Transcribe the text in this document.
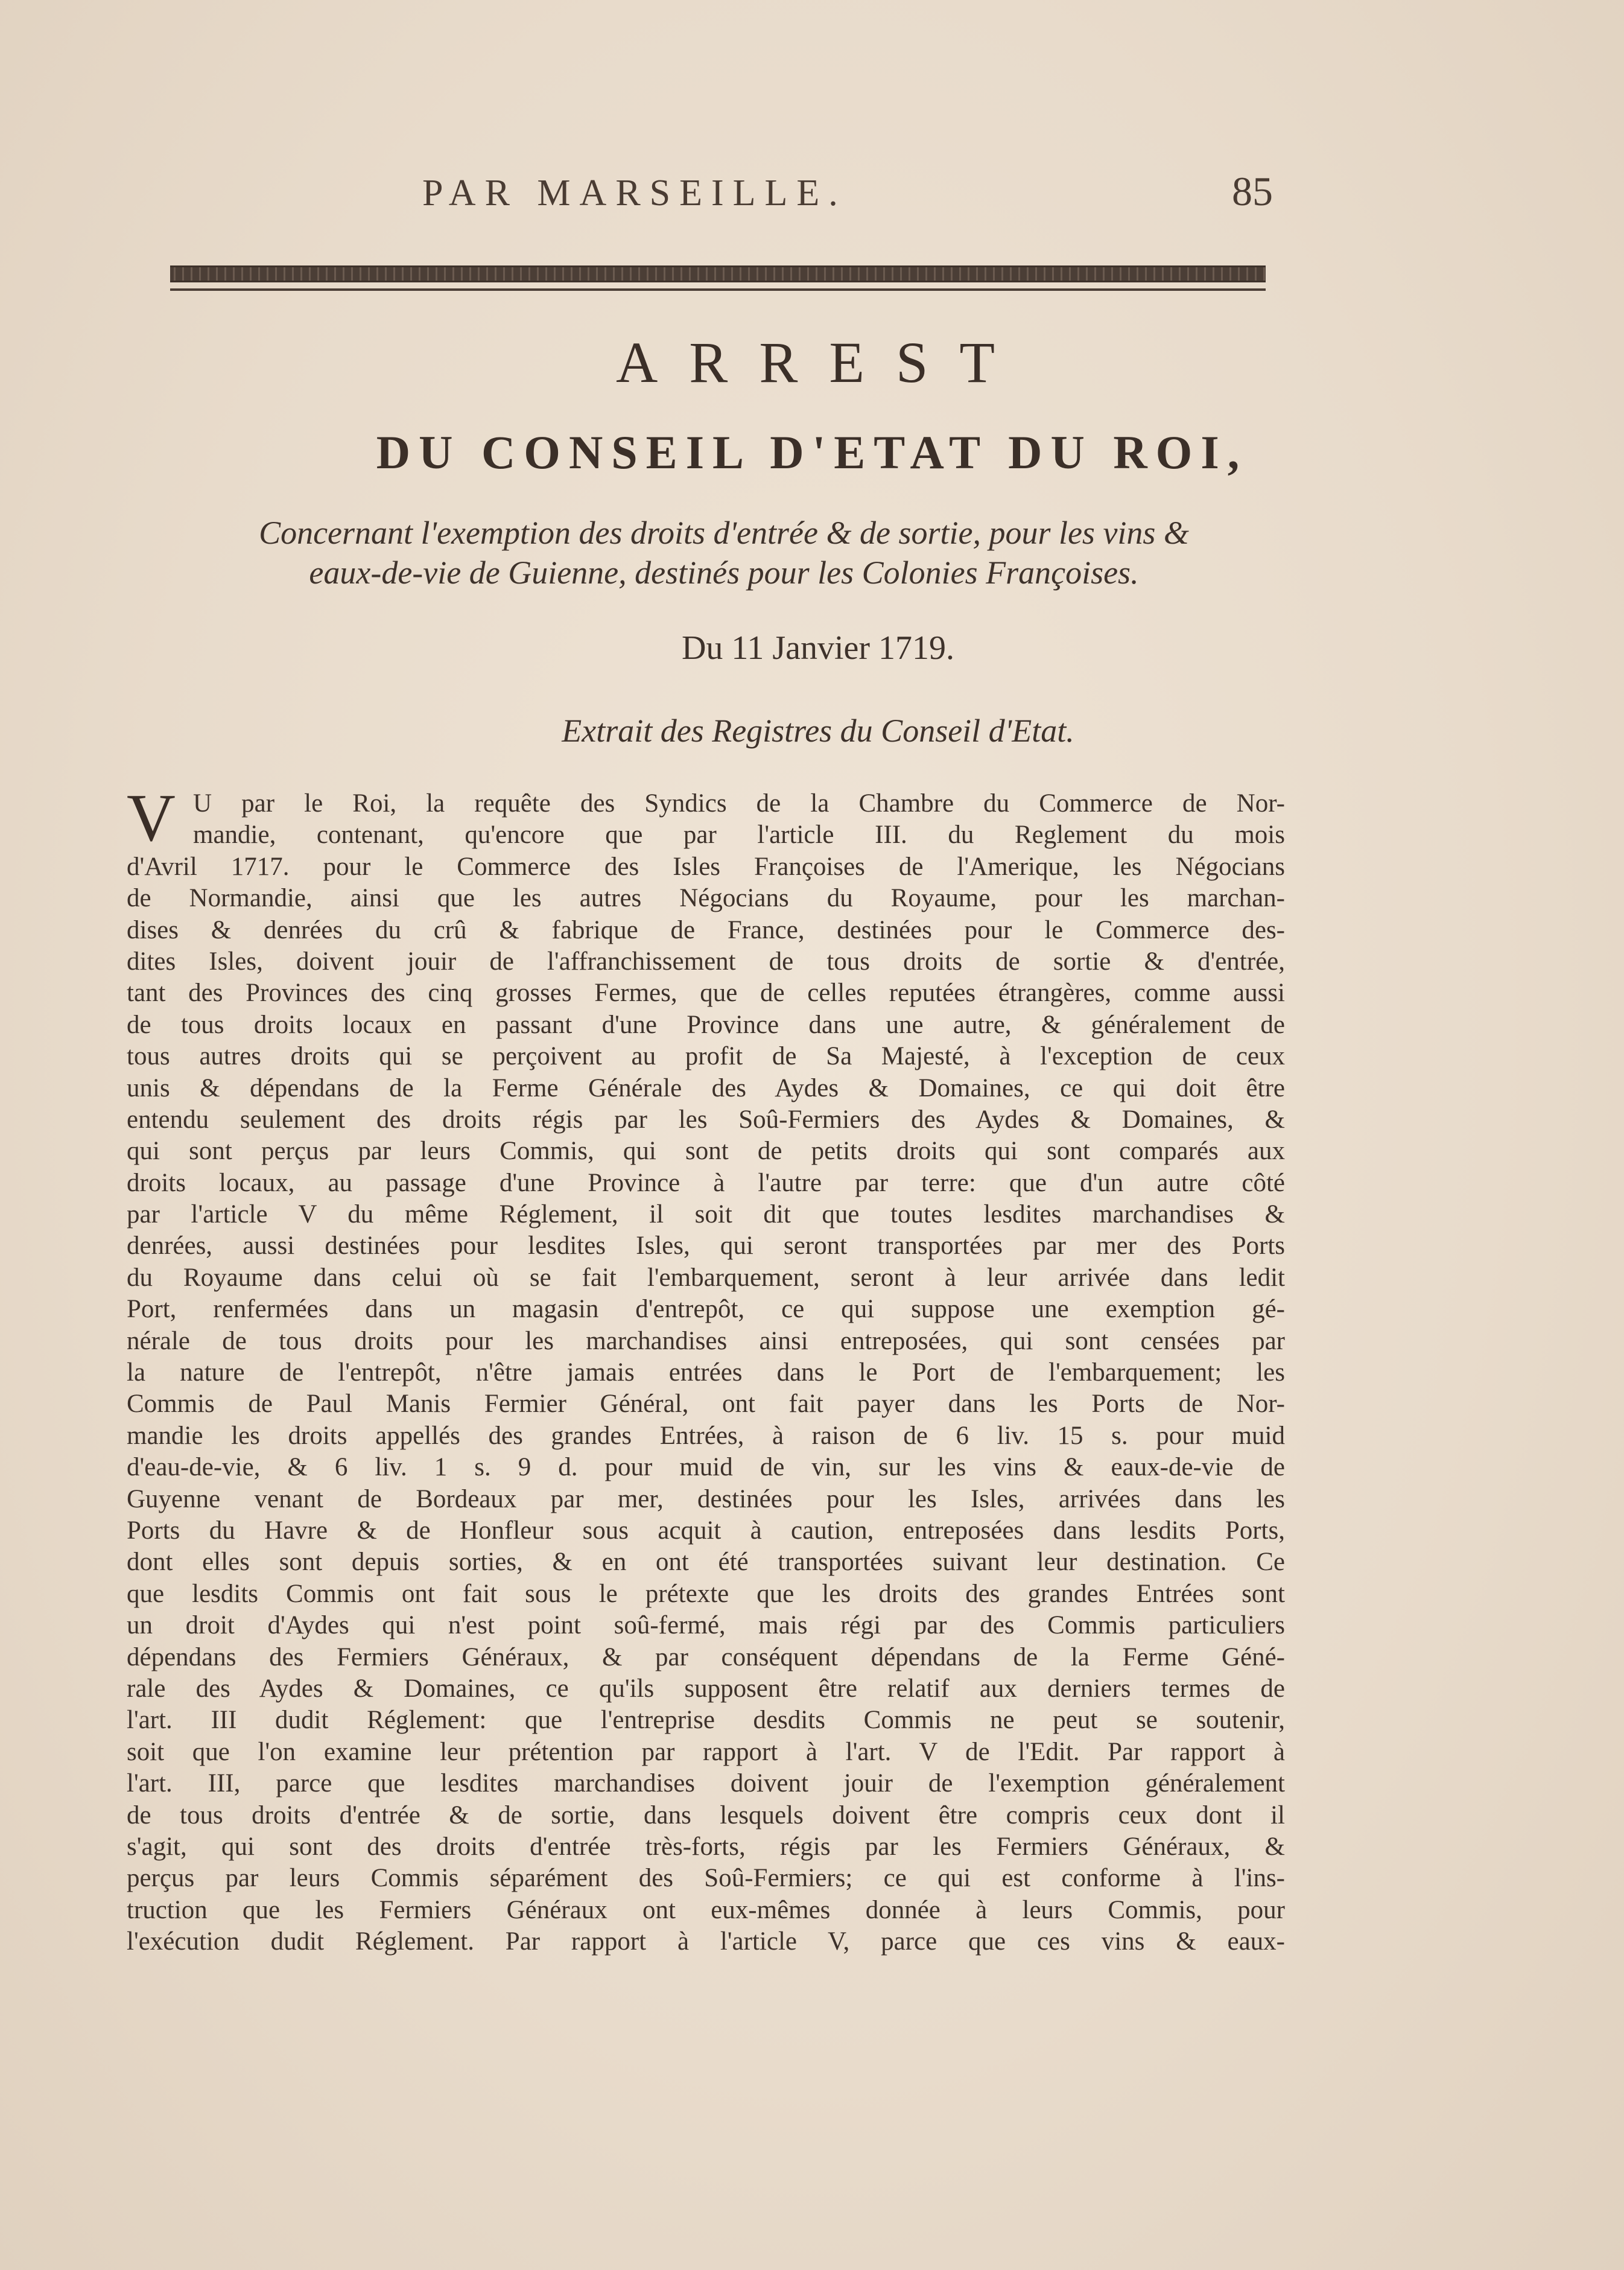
PAR MARSEILLE.	85
ARREST
DU CONSEIL D'ETAT DU ROI,
Concernant l'exemption des droits d'entrée & de sortie, pour les vins &
eaux-de-vie de Guienne, destinés pour les Colonies Françoises.
Du 11 Janvier 1719.
Extrait des Registres du Conseil d'Etat.
V U par le Roi, la requête des Syndics de la Chambre du Commerce de Nor-
mandie, contenant, qu'encore que par l'article III. du Reglement du mois
d'Avril 1717. pour le Commerce des Isles Françoises de l'Amerique, les Négocians
de Normandie, ainsi que les autres Négocians du Royaume, pour les marchan-
dises & denrées du crû & fabrique de France, destinées pour le Commerce des-
dites Isles, doivent jouir de l'affranchissement de tous droits de sortie & d'entrée,
tant des Provinces des cinq grosses Fermes, que de celles reputées étrangères, comme aussi
de tous droits locaux en passant d'une Province dans une autre, & généralement de
tous autres droits qui se perçoivent au profit de Sa Majesté, à l'exception de ceux
unis & dépendans de la Ferme Générale des Aydes & Domaines, ce qui doit être
entendu seulement des droits régis par les Soû-Fermiers des Aydes & Domaines, &
qui sont perçus par leurs Commis, qui sont de petits droits qui sont comparés aux
droits locaux, au passage d'une Province à l'autre par terre: que d'un autre côté
par l'article V du même Réglement, il soit dit que toutes lesdites marchandises &
denrées, aussi destinées pour lesdites Isles, qui seront transportées par mer des Ports
du Royaume dans celui où se fait l'embarquement, seront à leur arrivée dans ledit
Port, renfermées dans un magasin d'entrepôt, ce qui suppose une exemption gé-
nérale de tous droits pour les marchandises ainsi entreposées, qui sont censées par
la nature de l'entrepôt, n'être jamais entrées dans le Port de l'embarquement; les
Commis de Paul Manis Fermier Général, ont fait payer dans les Ports de Nor-
mandie les droits appellés des grandes Entrées, à raison de 6 liv. 15 s. pour muid
d'eau-de-vie, & 6 liv. 1 s. 9 d. pour muid de vin, sur les vins & eaux-de-vie de
Guyenne venant de Bordeaux par mer, destinées pour les Isles, arrivées dans les
Ports du Havre & de Honfleur sous acquit à caution, entreposées dans lesdits Ports,
dont elles sont depuis sorties, & en ont été transportées suivant leur destination. Ce
que lesdits Commis ont fait sous le prétexte que les droits des grandes Entrées sont
un droit d'Aydes qui n'est point soû-fermé, mais régi par des Commis particuliers
dépendans des Fermiers Généraux, & par conséquent dépendans de la Ferme Géné-
rale des Aydes & Domaines, ce qu'ils supposent être relatif aux derniers termes de
l'art. III dudit Réglement: que l'entreprise desdits Commis ne peut se soutenir,
soit que l'on examine leur prétention par rapport à l'art. V de l'Edit. Par rapport à
l'art. III, parce que lesdites marchandises doivent jouir de l'exemption généralement
de tous droits d'entrée & de sortie, dans lesquels doivent être compris ceux dont il
s'agit, qui sont des droits d'entrée très-forts, régis par les Fermiers Généraux, &
perçus par leurs Commis séparément des Soû-Fermiers; ce qui est conforme à l'ins-
truction que les Fermiers Généraux ont eux-mêmes donnée à leurs Commis, pour
l'exécution dudit Réglement. Par rapport à l'article V, parce que ces vins & eaux-
